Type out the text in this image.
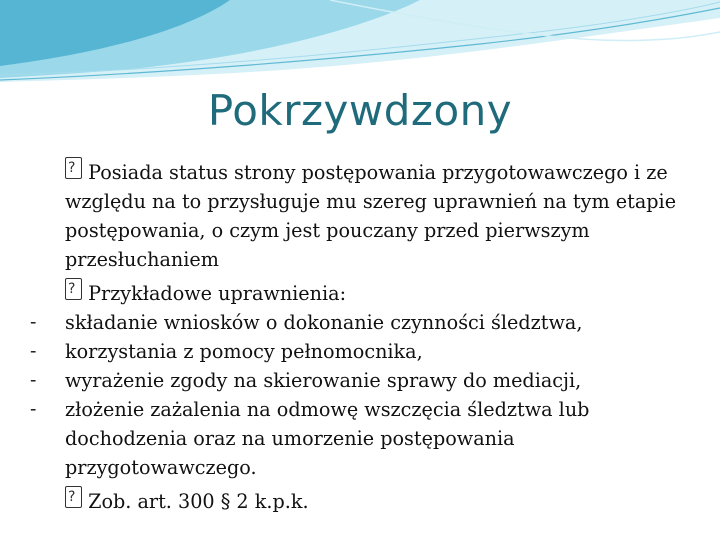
Pokrzywdzony
? Posiada status strony postępowania przygotowawczego i ze względu na to przysługuje mu szereg uprawnień na tym etapie postępowania, o czym jest pouczany przed pierwszym przesłuchaniem
? Przykładowe uprawnienia:
- składanie wniosków o dokonanie czynności śledztwa,
- korzystania z pomocy pełnomocnika,
- wyrażenie zgody na skierowanie sprawy do mediacji,
- złożenie zażalenia na odmowę wszczęcia śledztwa lub dochodzenia oraz na umorzenie postępowania przygotowawczego.
? Zob. art. 300 § 2 k.p.k.
